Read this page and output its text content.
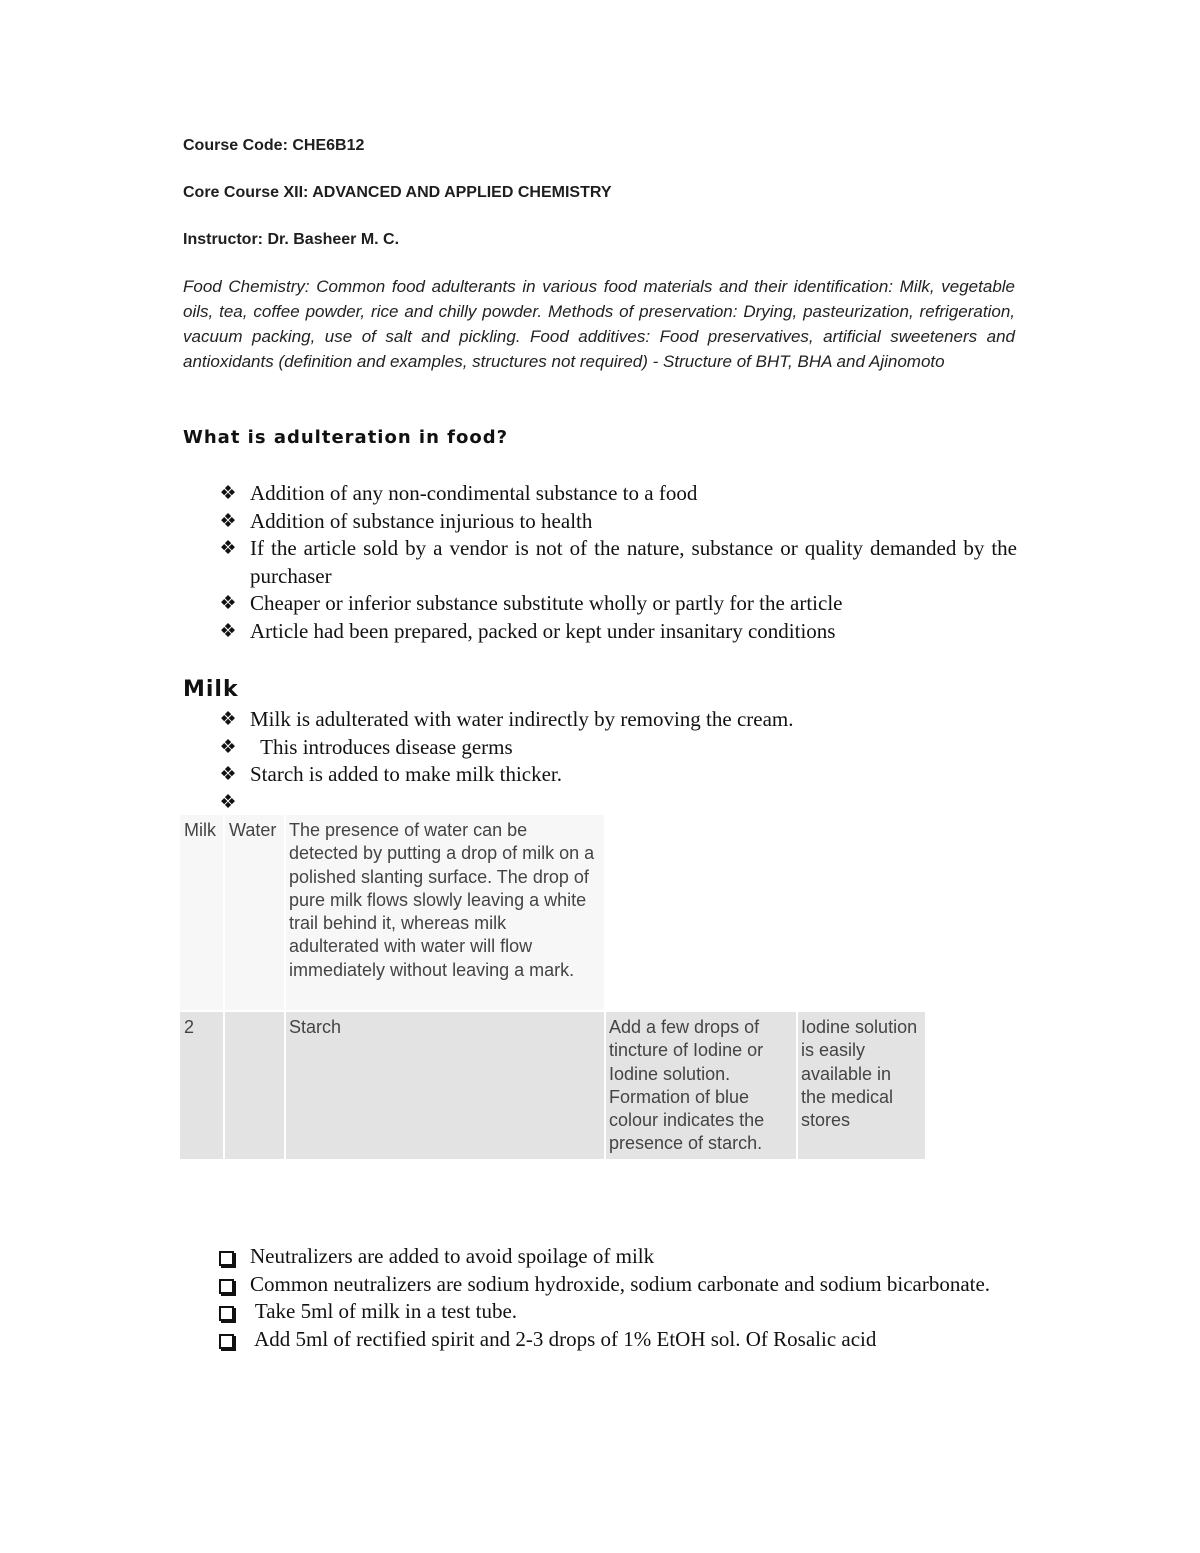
Course Code: CHE6B12
Core Course XII: ADVANCED AND APPLIED CHEMISTRY
Instructor: Dr. Basheer M. C.
Food Chemistry: Common food adulterants in various food materials and their identification: Milk, vegetable oils, tea, coffee powder, rice and chilly powder. Methods of preservation: Drying, pasteurization, refrigeration, vacuum packing, use of salt and pickling. Food additives: Food preservatives, artificial sweeteners and antioxidants (definition and examples, structures not required) - Structure of BHT, BHA and Ajinomoto
What is adulteration in food?
❖ Addition of any non-condimental substance to a food
❖ Addition of substance injurious to health
❖ If the article sold by a vendor is not of the nature, substance or quality demanded by the purchaser
❖ Cheaper or inferior substance substitute wholly or partly for the article
❖ Article had been prepared, packed or kept under insanitary conditions
Milk
❖ Milk is adulterated with water indirectly by removing the cream.
❖ This introduces disease germs
❖ Starch is added to make milk thicker.
❖
Milk Water The presence of water can be detected by putting a drop of milk on a polished slanting surface. The drop of pure milk flows slowly leaving a white trail behind it, whereas milk adulterated with water will flow immediately without leaving a mark.
2	Starch	Add a few drops of tincture of Iodine or Iodine solution. Formation of blue colour indicates the presence of starch.
Iodine solution is easily available in the medical stores
Neutralizers are added to avoid spoilage of milk
Common neutralizers are sodium hydroxide, sodium carbonate and sodium bicarbonate.
Take 5ml of milk in a test tube.
Add 5ml of rectified spirit and 2-3 drops of 1% EtOH sol. Of Rosalic acid
